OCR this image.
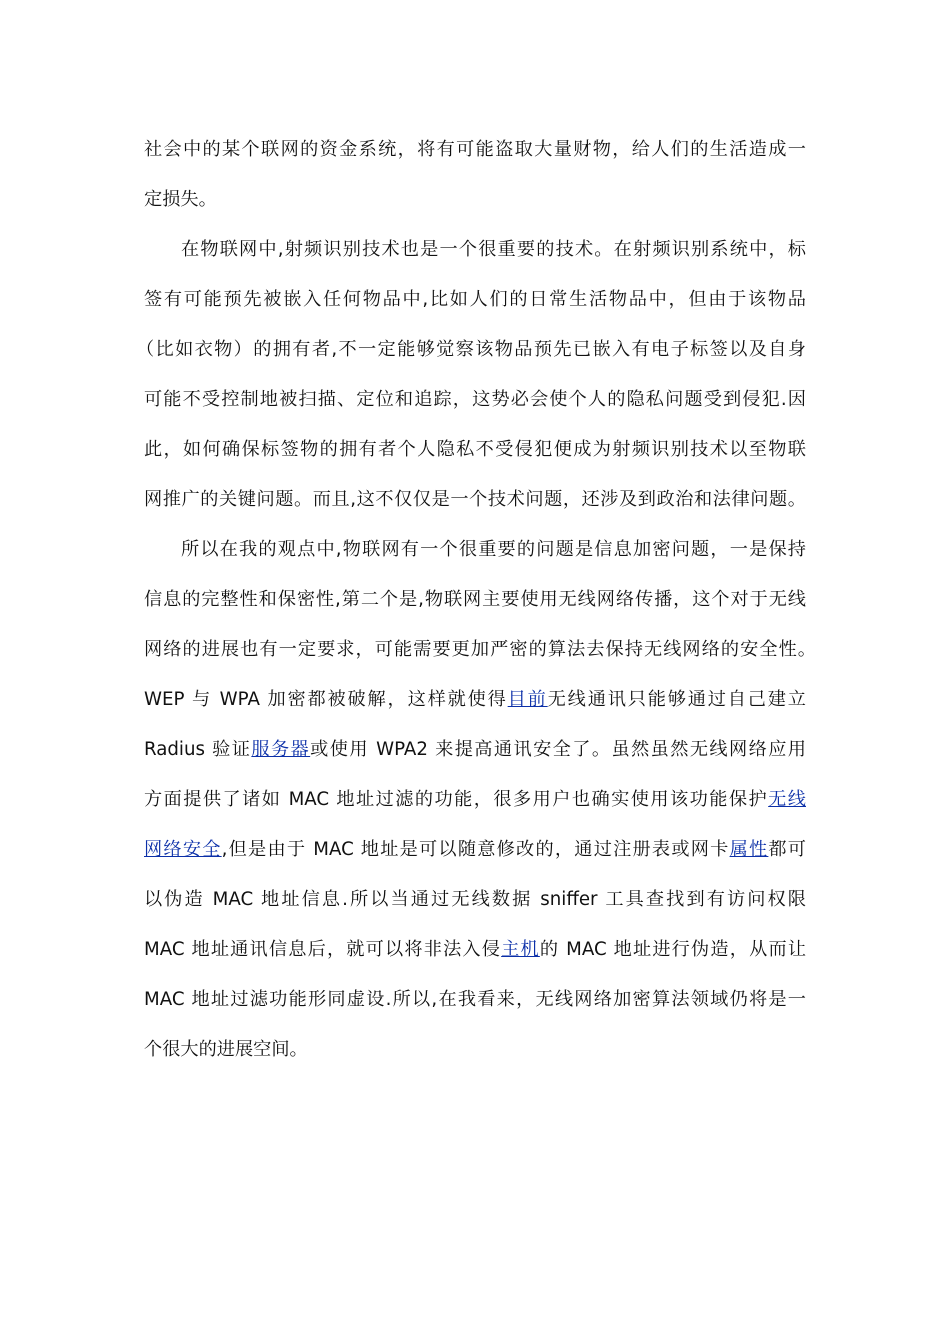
社会中的某个联网的资金系统，将有可能盗取大量财物，给人们的生活造成一
定损失。
在物联网中,射频识别技术也是一个很重要的技术。在射频识别系统中，标
签有可能预先被嵌入任何物品中,比如人们的日常生活物品中，但由于该物品
（比如衣物）的拥有者,不一定能够觉察该物品预先已嵌入有电子标签以及自身
可能不受控制地被扫描、定位和追踪，这势必会使个人的隐私问题受到侵犯.因
此，如何确保标签物的拥有者个人隐私不受侵犯便成为射频识别技术以至物联
网推广的关键问题。而且,这不仅仅是一个技术问题，还涉及到政治和法律问题。
所以在我的观点中,物联网有一个很重要的问题是信息加密问题，一是保持
信息的完整性和保密性,第二个是,物联网主要使用无线网络传播，这个对于无线
网络的进展也有一定要求，可能需要更加严密的算法去保持无线网络的安全性。
WEP 与 WPA 加密都被破解，这样就使得目前无线通讯只能够通过自己建立
Radius 验证服务器或使用 WPA2 来提高通讯安全了。虽然虽然无线网络应用
方面提供了诸如 MAC 地址过滤的功能，很多用户也确实使用该功能保护无线
网络安全,但是由于 MAC 地址是可以随意修改的，通过注册表或网卡属性都可
以伪造 MAC 地址信息.所以当通过无线数据 sniffer 工具查找到有访问权限
MAC 地址通讯信息后，就可以将非法入侵主机的 MAC 地址进行伪造，从而让
MAC 地址过滤功能形同虚设.所以,在我看来，无线网络加密算法领域仍将是一
个很大的进展空间。
